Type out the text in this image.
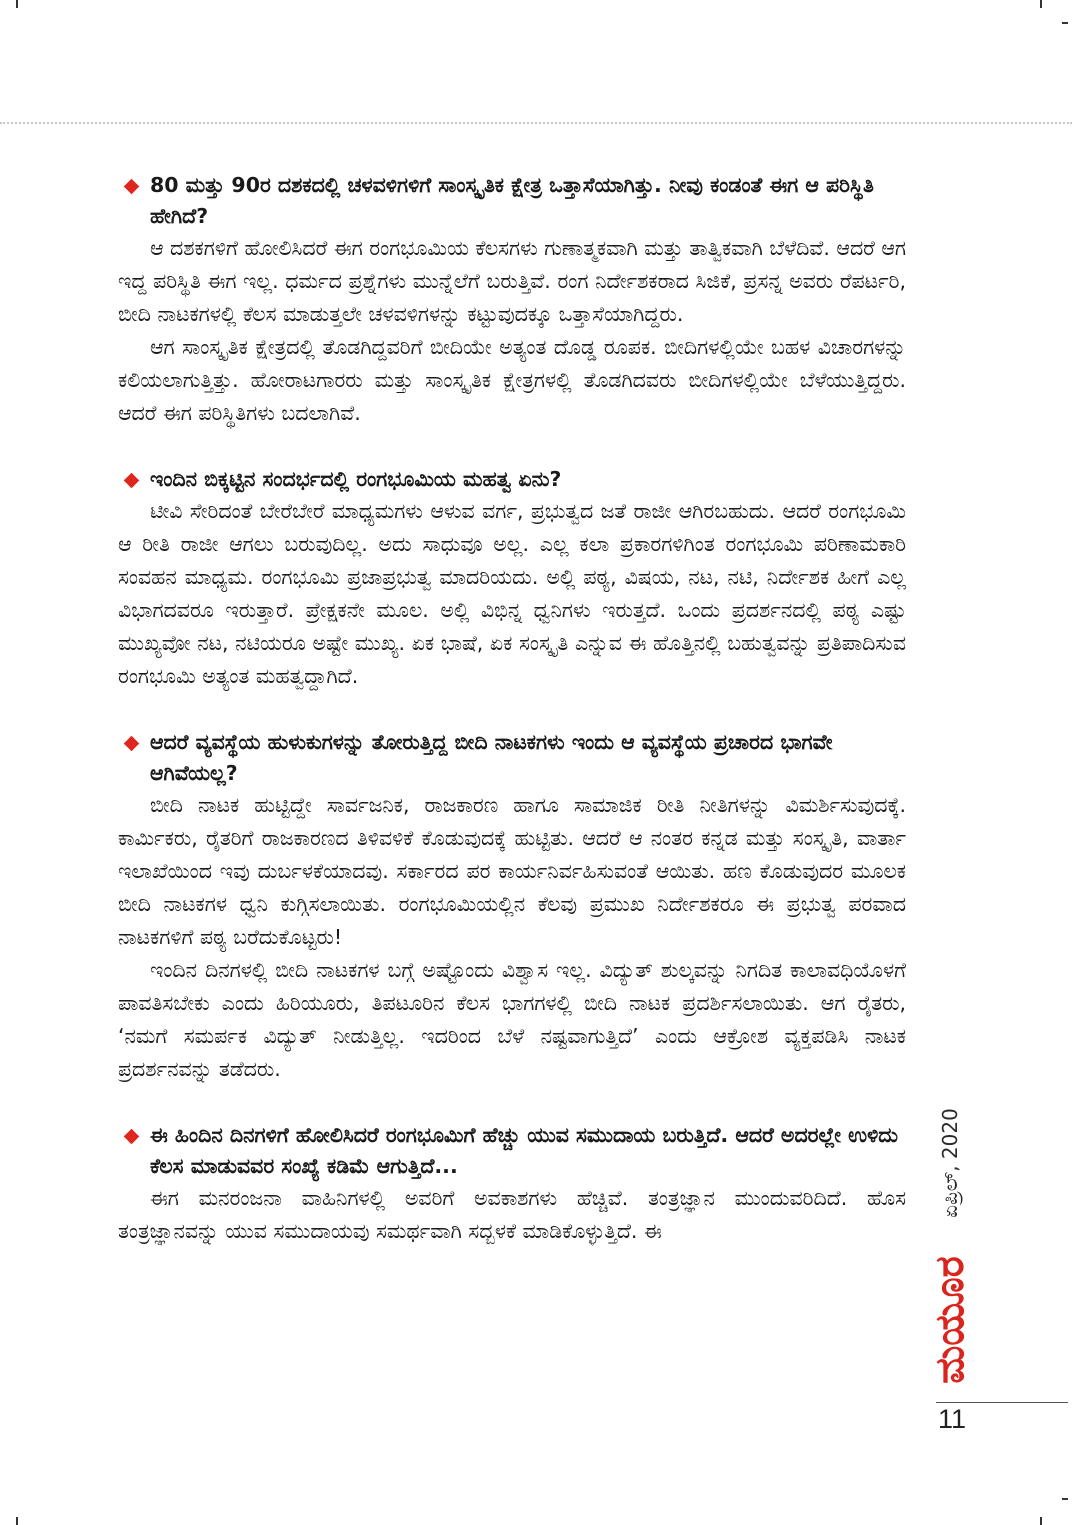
80 ಮತ್ತು 90ರ ದಶಕದಲ್ಲಿ ಚಳವಳಿಗಳಿಗೆ ಸಾಂಸ್ಕೃತಿಕ ಕ್ಷೇತ್ರ ಒತ್ತಾಸೆಯಾಗಿತ್ತು. ನೀವು ಕಂಡಂತೆ ಈಗ ಆ ಪರಿಸ್ಥಿತಿ ಹೇಗಿದೆ?

ಆ ದಶಕಗಳಿಗೆ ಹೋಲಿಸಿದರೆ ಈಗ ರಂಗಭೂಮಿಯ ಕೆಲಸಗಳು ಗುಣಾತ್ಮಕವಾಗಿ ಮತ್ತು ತಾತ್ವಿಕವಾಗಿ ಬೆಳೆದಿವೆ. ಆದರೆ ಆಗ ಇದ್ದ ಪರಿಸ್ಥಿತಿ ಈಗ ಇಲ್ಲ. ಧರ್ಮದ ಪ್ರಶ್ನೆಗಳು ಮುನ್ನೆಲೆಗೆ ಬರುತ್ತಿವೆ. ರಂಗ ನಿರ್ದೇಶಕರಾದ ಸಿಜಿಕೆ, ಪ್ರಸನ್ನ ಅವರು ರೆಪರ್ಟರಿ, ಬೀದಿ ನಾಟಕಗಳಲ್ಲಿ ಕೆಲಸ ಮಾಡುತ್ತಲೇ ಚಳವಳಿಗಳನ್ನು ಕಟ್ಟುವುದಕ್ಕೂ ಒತ್ತಾಸೆಯಾಗಿದ್ದರು.

ಆಗ ಸಾಂಸ್ಕೃತಿಕ ಕ್ಷೇತ್ರದಲ್ಲಿ ತೊಡಗಿದ್ದವರಿಗೆ ಬೀದಿಯೇ ಅತ್ಯಂತ ದೊಡ್ಡ ರೂಪಕ. ಬೀದಿಗಳಲ್ಲಿಯೇ ಬಹಳ ವಿಚಾರಗಳನ್ನು ಕಲಿಯಲಾಗುತ್ತಿತ್ತು. ಹೋರಾಟಗಾರರು ಮತ್ತು ಸಾಂಸ್ಕೃತಿಕ ಕ್ಷೇತ್ರಗಳಲ್ಲಿ ತೊಡಗಿದವರು ಬೀದಿಗಳಲ್ಲಿಯೇ ಬೆಳೆಯುತ್ತಿದ್ದರು. ಆದರೆ ಈಗ ಪರಿಸ್ಥಿತಿಗಳು ಬದಲಾಗಿವೆ.

ಇಂದಿನ ಬಿಕ್ಕಟ್ಟಿನ ಸಂದರ್ಭದಲ್ಲಿ ರಂಗಭೂಮಿಯ ಮಹತ್ವ ಏನು?

ಟೀವಿ ಸೇರಿದಂತೆ ಬೇರೆಬೇರೆ ಮಾಧ್ಯಮಗಳು ಆಳುವ ವರ್ಗ, ಪ್ರಭುತ್ವದ ಜತೆ ರಾಜೀ ಆಗಿರಬಹುದು. ಆದರೆ ರಂಗಭೂಮಿ ಆ ರೀತಿ ರಾಜೀ ಆಗಲು ಬರುವುದಿಲ್ಲ. ಅದು ಸಾಧುವೂ ಅಲ್ಲ. ಎಲ್ಲ ಕಲಾ ಪ್ರಕಾರಗಳಿಗಿಂತ ರಂಗಭೂಮಿ ಪರಿಣಾಮಕಾರಿ ಸಂವಹನ ಮಾಧ್ಯಮ. ರಂಗಭೂಮಿ ಪ್ರಜಾಪ್ರಭುತ್ವ ಮಾದರಿಯದು. ಅಲ್ಲಿ ಪಠ್ಯ, ವಿಷಯ, ನಟ, ನಟಿ, ನಿರ್ದೇಶಕ ಹೀಗೆ ಎಲ್ಲ ವಿಭಾಗದವರೂ ಇರುತ್ತಾರೆ. ಪ್ರೇಕ್ಷಕನೇ ಮೂಲ. ಅಲ್ಲಿ ವಿಭಿನ್ನ ಧ್ವನಿಗಳು ಇರುತ್ತದೆ. ಒಂದು ಪ್ರದರ್ಶನದಲ್ಲಿ ಪಠ್ಯ ಎಷ್ಟು ಮುಖ್ಯವೋ ನಟ, ನಟಿಯರೂ ಅಷ್ಟೇ ಮುಖ್ಯ. ಏಕ ಭಾಷೆ, ಏಕ ಸಂಸ್ಕೃತಿ ಎನ್ನುವ ಈ ಹೊತ್ತಿನಲ್ಲಿ ಬಹುತ್ವವನ್ನು ಪ್ರತಿಪಾದಿಸುವ ರಂಗಭೂಮಿ ಅತ್ಯಂತ ಮಹತ್ವದ್ದಾಗಿದೆ.

ಆದರೆ ವ್ಯವಸ್ಥೆಯ ಹುಳುಕುಗಳನ್ನು ತೋರುತ್ತಿದ್ದ ಬೀದಿ ನಾಟಕಗಳು ಇಂದು ಆ ವ್ಯವಸ್ಥೆಯ ಪ್ರಚಾರದ ಭಾಗವೇ ಆಗಿವೆಯಲ್ಲ?

ಬೀದಿ ನಾಟಕ ಹುಟ್ಟಿದ್ದೇ ಸಾರ್ವಜನಿಕ, ರಾಜಕಾರಣ ಹಾಗೂ ಸಾಮಾಜಿಕ ರೀತಿ ನೀತಿಗಳನ್ನು ವಿಮರ್ಶಿಸುವುದಕ್ಕೆ. ಕಾರ್ಮಿಕರು, ರೈತರಿಗೆ ರಾಜಕಾರಣದ ತಿಳಿವಳಿಕೆ ಕೊಡುವುದಕ್ಕೆ ಹುಟ್ಟಿತು. ಆದರೆ ಆ ನಂತರ ಕನ್ನಡ ಮತ್ತು ಸಂಸ್ಕೃತಿ, ವಾರ್ತಾ ಇಲಾಖೆಯಿಂದ ಇವು ದುರ್ಬಳಕೆಯಾದವು. ಸರ್ಕಾರದ ಪರ ಕಾರ್ಯನಿರ್ವಹಿಸುವಂತೆ ಆಯಿತು. ಹಣ ಕೊಡುವುದರ ಮೂಲಕ ಬೀದಿ ನಾಟಕಗಳ ಧ್ವನಿ ಕುಗ್ಗಿಸಲಾಯಿತು. ರಂಗಭೂಮಿಯಲ್ಲಿನ ಕೆಲವು ಪ್ರಮುಖ ನಿರ್ದೇಶಕರೂ ಈ ಪ್ರಭುತ್ವ ಪರವಾದ ನಾಟಕಗಳಿಗೆ ಪಠ್ಯ ಬರೆದುಕೊಟ್ಟರು!

ಇಂದಿನ ದಿನಗಳಲ್ಲಿ ಬೀದಿ ನಾಟಕಗಳ ಬಗ್ಗೆ ಅಷ್ಟೊಂದು ವಿಶ್ವಾಸ ಇಲ್ಲ. ವಿದ್ಯುತ್ ಶುಲ್ಕವನ್ನು ನಿಗದಿತ ಕಾಲಾವಧಿಯೊಳಗೆ ಪಾವತಿಸಬೇಕು ಎಂದು ಹಿರಿಯೂರು, ತಿಪಟೂರಿನ ಕೆಲಸ ಭಾಗಗಳಲ್ಲಿ ಬೀದಿ ನಾಟಕ ಪ್ರದರ್ಶಿಸಲಾಯಿತು. ಆಗ ರೈತರು, ‘ನಮಗೆ ಸಮರ್ಪಕ ವಿದ್ಯುತ್ ನೀಡುತ್ತಿಲ್ಲ. ಇದರಿಂದ ಬೆಳೆ ನಷ್ಟವಾಗುತ್ತಿದೆ’ ಎಂದು ಆಕ್ರೋಶ ವ್ಯಕ್ತಪಡಿಸಿ ನಾಟಕ ಪ್ರದರ್ಶನವನ್ನು ತಡೆದರು.

ಈ ಹಿಂದಿನ ದಿನಗಳಿಗೆ ಹೋಲಿಸಿದರೆ ರಂಗಭೂಮಿಗೆ ಹೆಚ್ಚು ಯುವ ಸಮುದಾಯ ಬರುತ್ತಿದೆ. ಆದರೆ ಅದರಲ್ಲೇ ಉಳಿದು ಕೆಲಸ ಮಾಡುವವರ ಸಂಖ್ಯೆ ಕಡಿಮೆ ಆಗುತ್ತಿದೆ...

ಈಗ ಮನರಂಜನಾ ವಾಹಿನಿಗಳಲ್ಲಿ ಅವರಿಗೆ ಅವಕಾಶಗಳು ಹೆಚ್ಚಿವೆ. ತಂತ್ರಜ್ಞಾನ ಮುಂದುವರಿದಿದೆ. ಹೊಸ ತಂತ್ರಜ್ಞಾನವನ್ನು ಯುವ ಸಮುದಾಯವು ಸಮರ್ಥವಾಗಿ ಸದ್ಬಳಕೆ ಮಾಡಿಕೊಳ್ಳುತ್ತಿದೆ. ಈ

ಏಪ್ರಿಲ್, 2020
ಮಯೂರ
11
